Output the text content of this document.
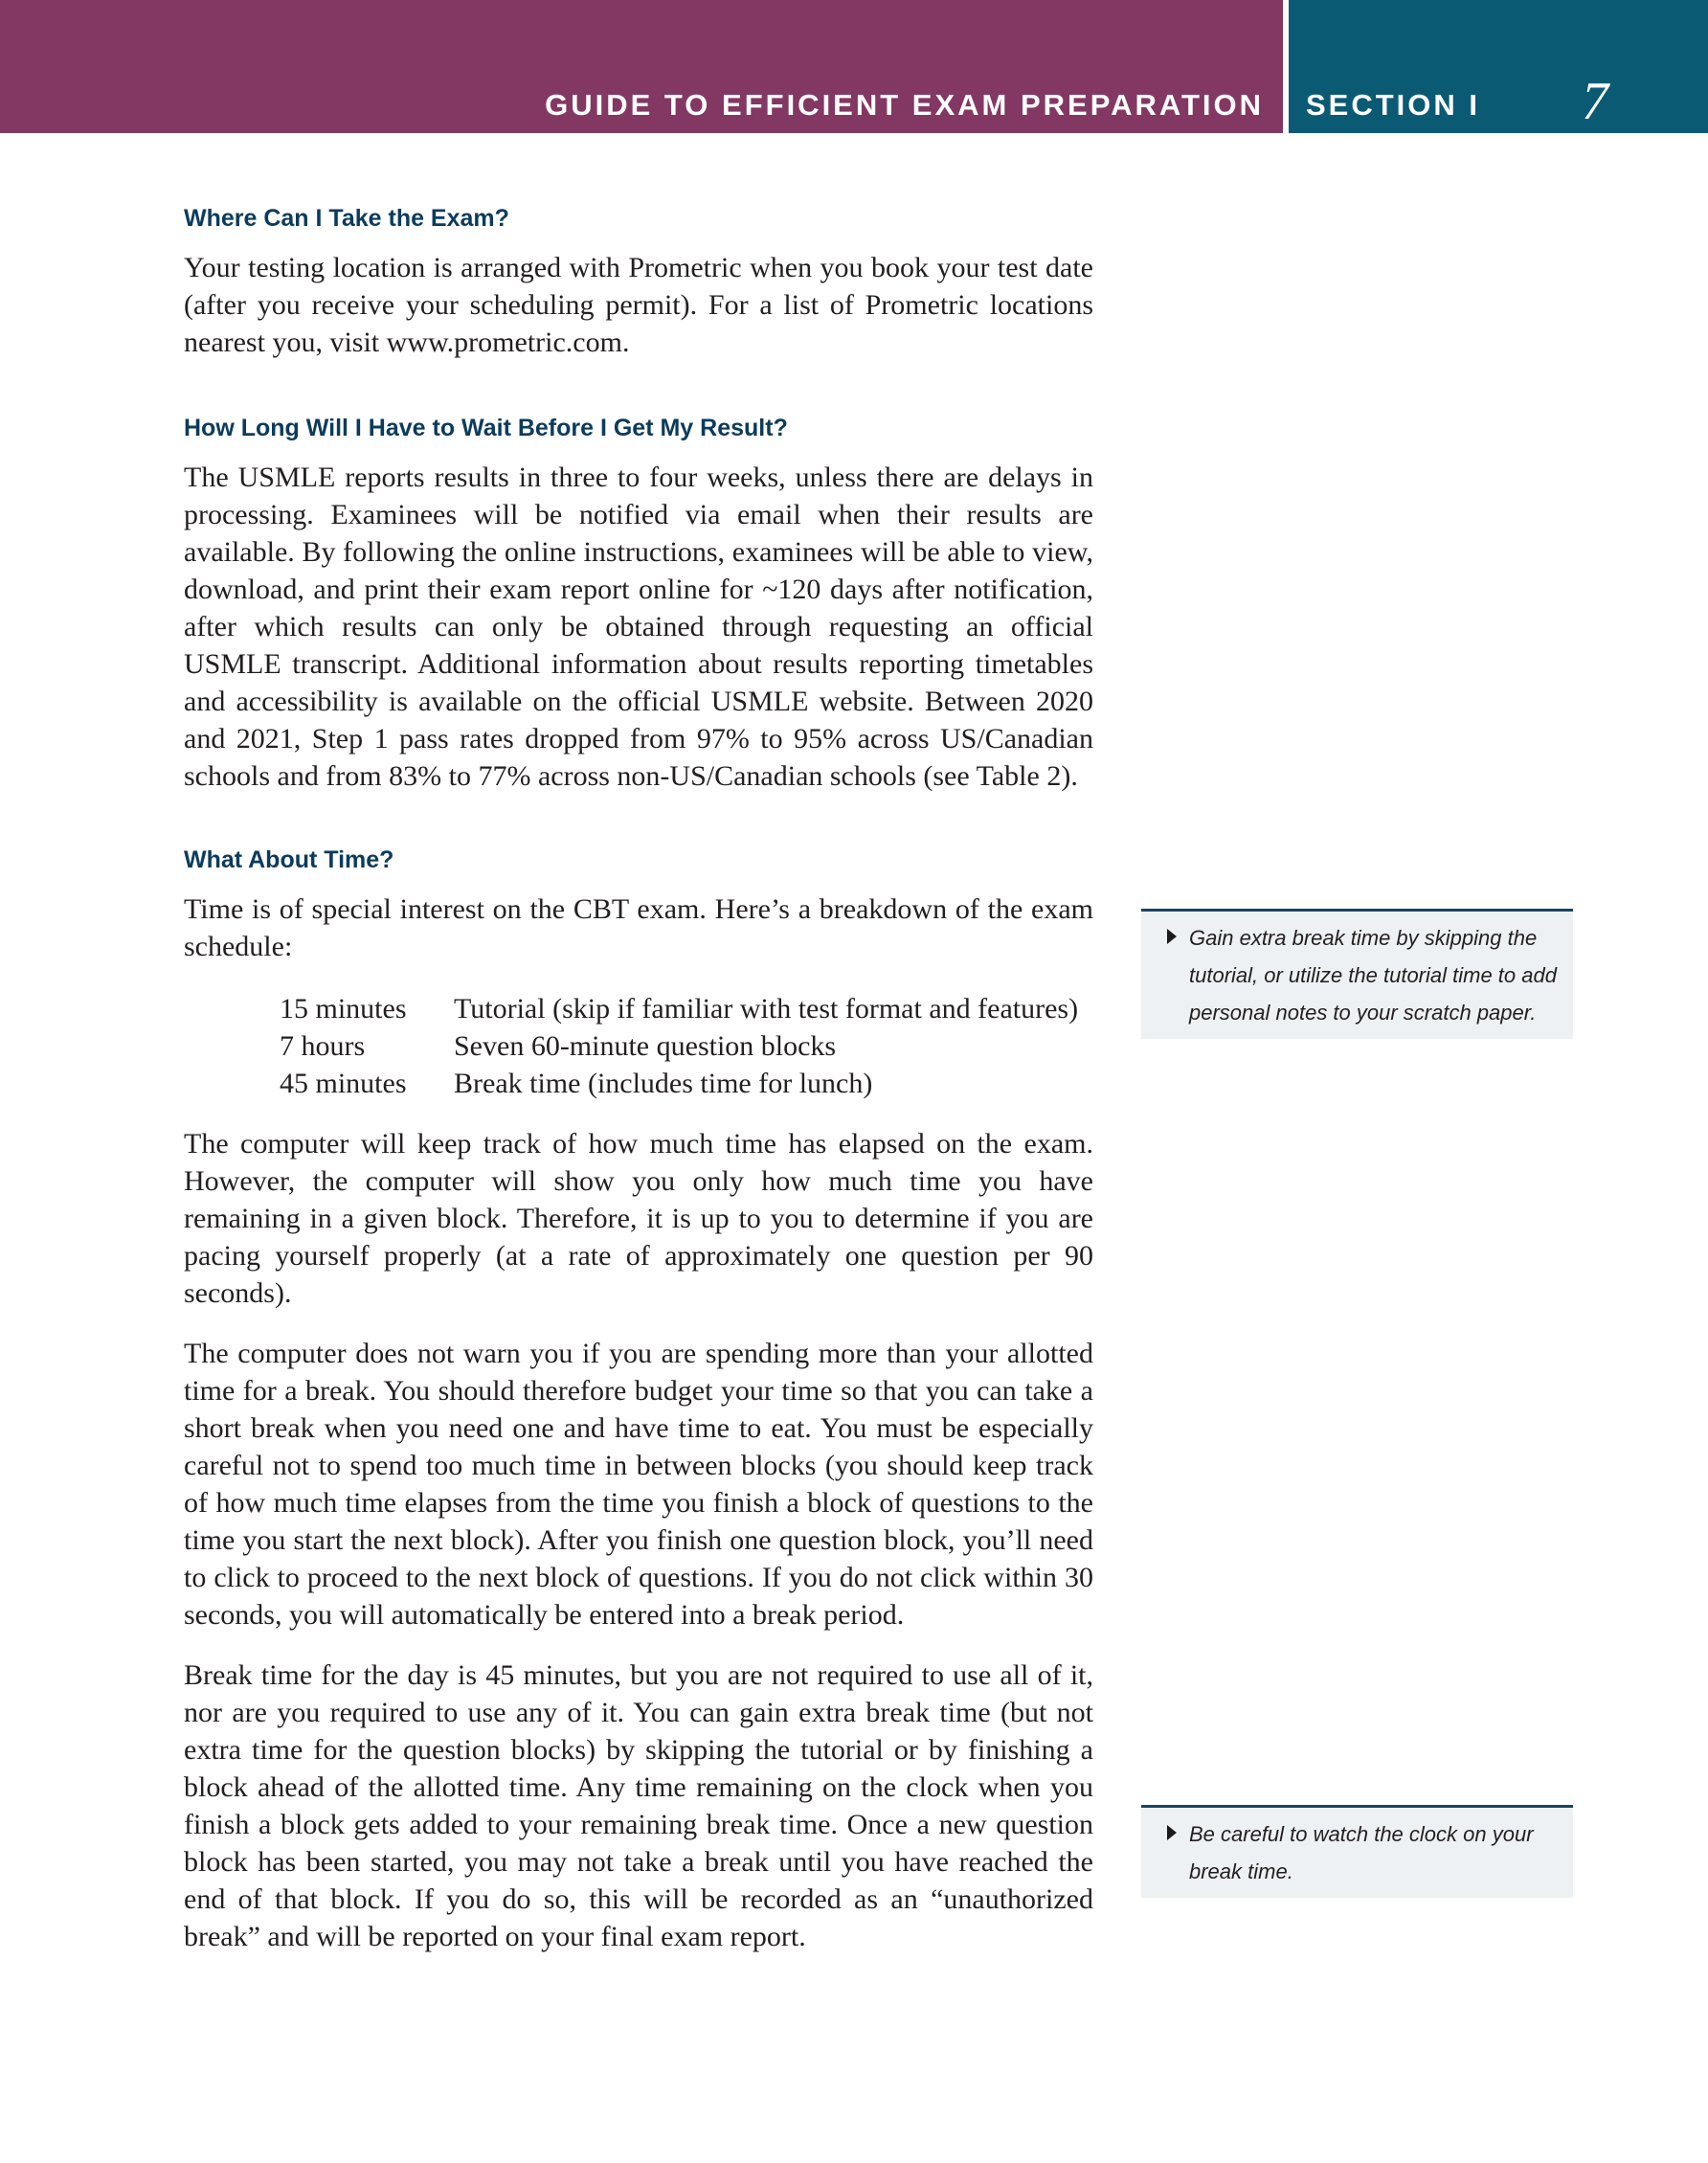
GUIDE TO EFFICIENT EXAM PREPARATION SECTION I 7
Where Can I Take the Exam?

Your testing location is arranged with Prometric when you book your test date (after you receive your scheduling permit). For a list of Prometric locations nearest you, visit www.prometric.com.

How Long Will I Have to Wait Before I Get My Result?

The USMLE reports results in three to four weeks, unless there are delays in processing. Examinees will be notified via email when their results are available. By following the online instructions, examinees will be able to view, download, and print their exam report online for ~120 days after notification, after which results can only be obtained through requesting an official USMLE transcript. Additional information about results reporting timetables and accessibility is available on the official USMLE website. Between 2020 and 2021, Step 1 pass rates dropped from 97% to 95% across US/Canadian schools and from 83% to 77% across non-US/Canadian schools (see Table 2).

What About Time?

Time is of special interest on the CBT exam. Here’s a breakdown of the exam schedule:

15 minutes	Tutorial (skip if familiar with test format and features)
7 hours	Seven 60-minute question blocks
45 minutes	Break time (includes time for lunch)

The computer will keep track of how much time has elapsed on the exam. However, the computer will show you only how much time you have remaining in a given block. Therefore, it is up to you to determine if you are pacing yourself properly (at a rate of approximately one question per 90 seconds).

The computer does not warn you if you are spending more than your allotted time for a break. You should therefore budget your time so that you can take a short break when you need one and have time to eat. You must be especially careful not to spend too much time in between blocks (you should keep track of how much time elapses from the time you finish a block of questions to the time you start the next block). After you finish one question block, you’ll need to click to proceed to the next block of questions. If you do not click within 30 seconds, you will automatically be entered into a break period.

Break time for the day is 45 minutes, but you are not required to use all of it, nor are you required to use any of it. You can gain extra break time (but not extra time for the question blocks) by skipping the tutorial or by finishing a block ahead of the allotted time. Any time remaining on the clock when you finish a block gets added to your remaining break time. Once a new question block has been started, you may not take a break until you have reached the end of that block. If you do so, this will be recorded as an “unauthorized break” and will be reported on your final exam report.

Gain extra break time by skipping the tutorial, or utilize the tutorial time to add personal notes to your scratch paper.
Be careful to watch the clock on your break time.
